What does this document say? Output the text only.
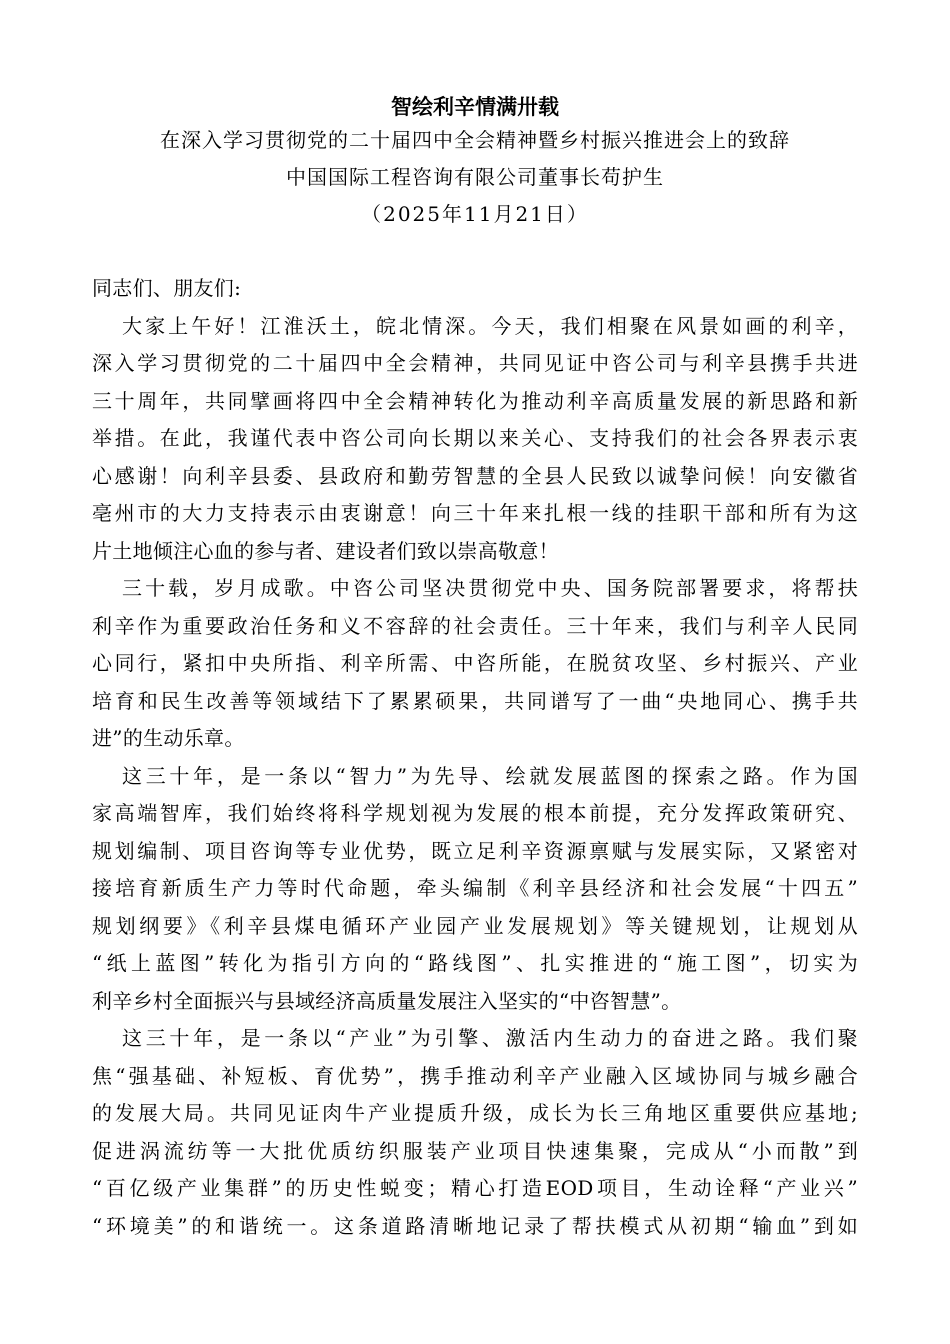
智绘利辛情满卅载

在深入学习贯彻党的二十届四中全会精神暨乡村振兴推进会上的致辞

中国国际工程咨询有限公司董事长苟护生

（2025年11月21日）

同志们、朋友们:

大家上午好！江淮沃土，皖北情深。今天，我们相聚在风景如画的利辛，

深入学习贯彻党的二十届四中全会精神，共同见证中咨公司与利辛县携手共进

三十周年，共同擘画将四中全会精神转化为推动利辛高质量发展的新思路和新

举措。在此，我谨代表中咨公司向长期以来关心、支持我们的社会各界表示衷

心感谢！向利辛县委、县政府和勤劳智慧的全县人民致以诚挚问候！向安徽省

亳州市的大力支持表示由衷谢意！向三十年来扎根一线的挂职干部和所有为这

片土地倾注心血的参与者、建设者们致以崇高敬意！

三十载，岁月成歌。中咨公司坚决贯彻党中央、国务院部署要求，将帮扶

利辛作为重要政治任务和义不容辞的社会责任。三十年来，我们与利辛人民同

心同行，紧扣中央所指、利辛所需、中咨所能，在脱贫攻坚、乡村振兴、产业

培育和民生改善等领域结下了累累硕果，共同谱写了一曲“央地同心、携手共

进”的生动乐章。

这三十年，是一条以“智力”为先导、绘就发展蓝图的探索之路。作为国

家高端智库，我们始终将科学规划视为发展的根本前提，充分发挥政策研究、

规划编制、项目咨询等专业优势，既立足利辛资源禀赋与发展实际，又紧密对

接培育新质生产力等时代命题，牵头编制《利辛县经济和社会发展“十四五”

规划纲要》《利辛县煤电循环产业园产业发展规划》等关键规划，让规划从

“纸上蓝图”转化为指引方向的“路线图”、扎实推进的“施工图”，切实为

利辛乡村全面振兴与县域经济高质量发展注入坚实的“中咨智慧”。

这三十年，是一条以“产业”为引擎、激活内生动力的奋进之路。我们聚

焦“强基础、补短板、育优势”，携手推动利辛产业融入区域协同与城乡融合

的发展大局。共同见证肉牛产业提质升级，成长为长三角地区重要供应基地;

促进涡流纺等一大批优质纺织服装产业项目快速集聚，完成从“小而散”到

“百亿级产业集群”的历史性蜕变；精心打造EOD项目，生动诠释“产业兴”

“环境美”的和谐统一。这条道路清晰地记录了帮扶模式从初期“输血”到如
